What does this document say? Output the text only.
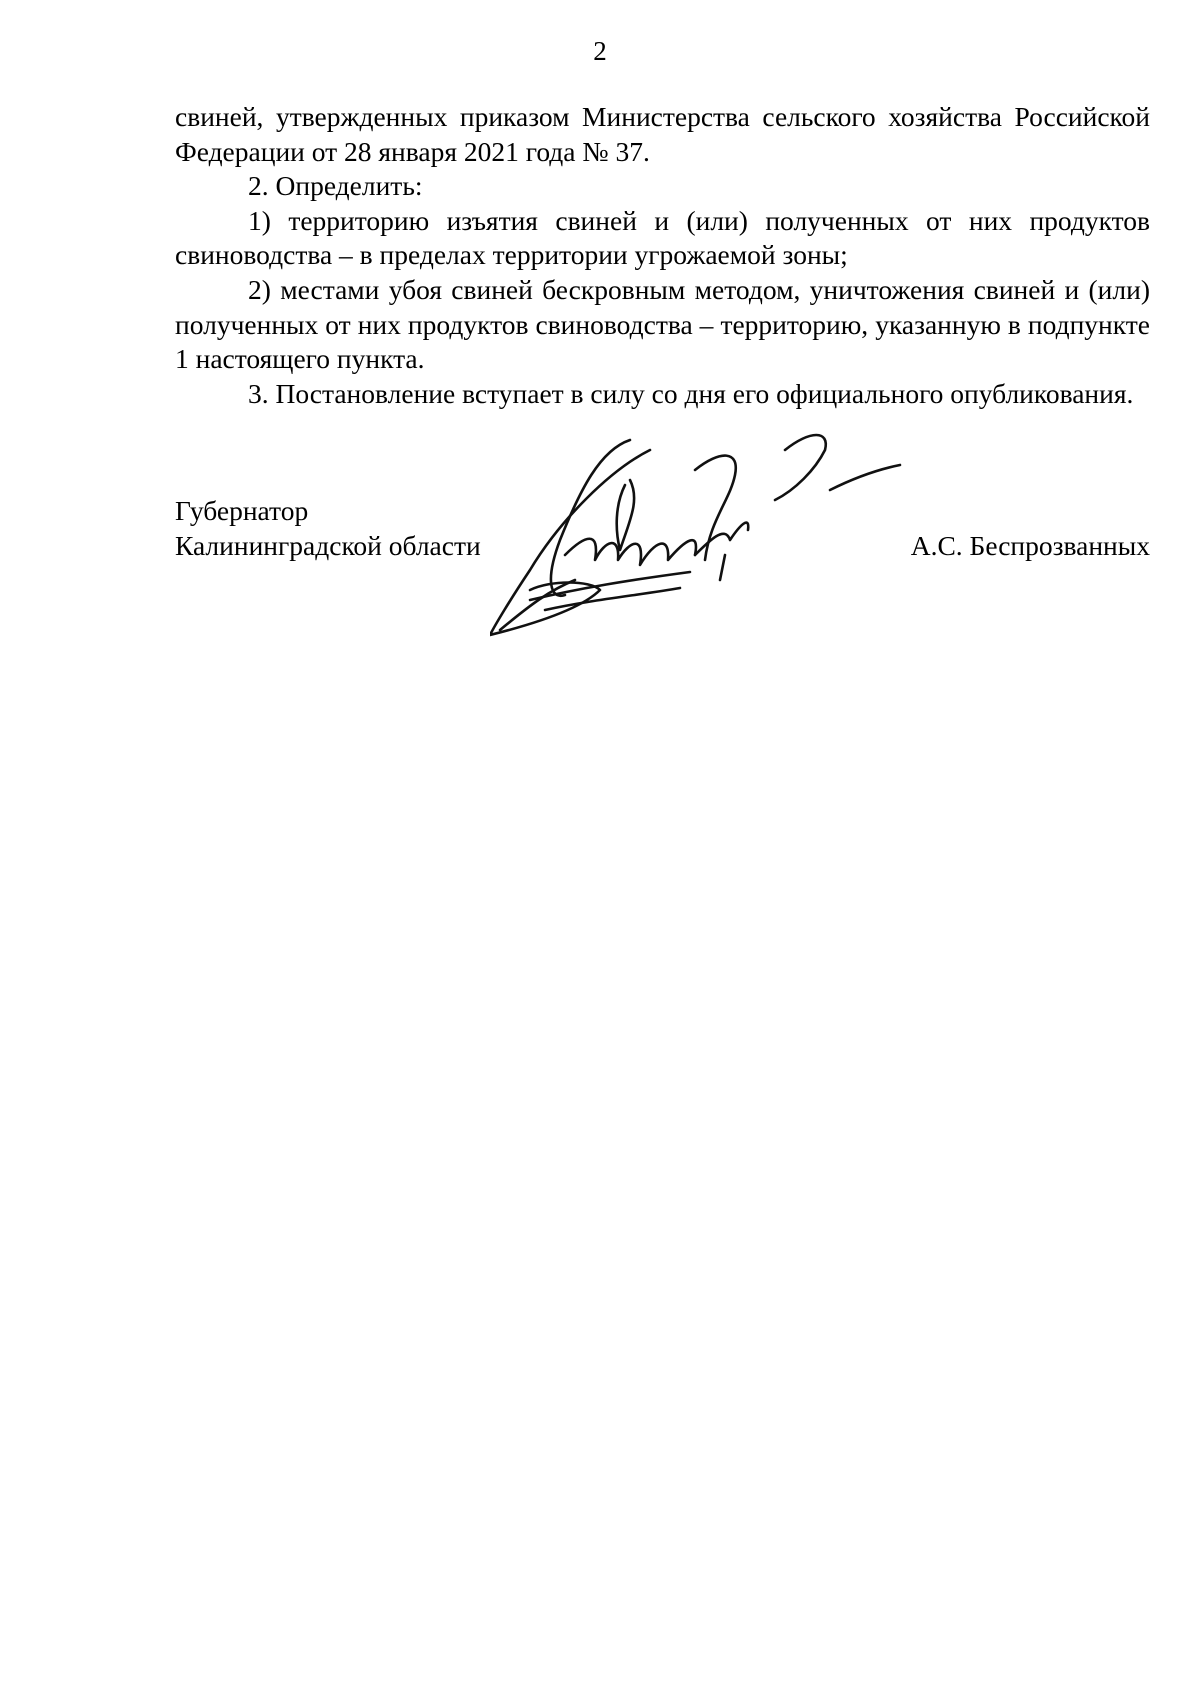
2

свиней, утвержденных приказом Министерства сельского хозяйства Российской Федерации от 28 января 2021 года № 37.

2. Определить:

1) территорию изъятия свиней и (или) полученных от них продуктов свиноводства – в пределах территории угрожаемой зоны;

2) местами убоя свиней бескровным методом, уничтожения свиней и (или) полученных от них продуктов свиноводства – территорию, указанную в подпункте 1 настоящего пункта.

3. Постановление вступает в силу со дня его официального опубликования.

Губернатор
Калининградской области	А.С. Беспрозванных
